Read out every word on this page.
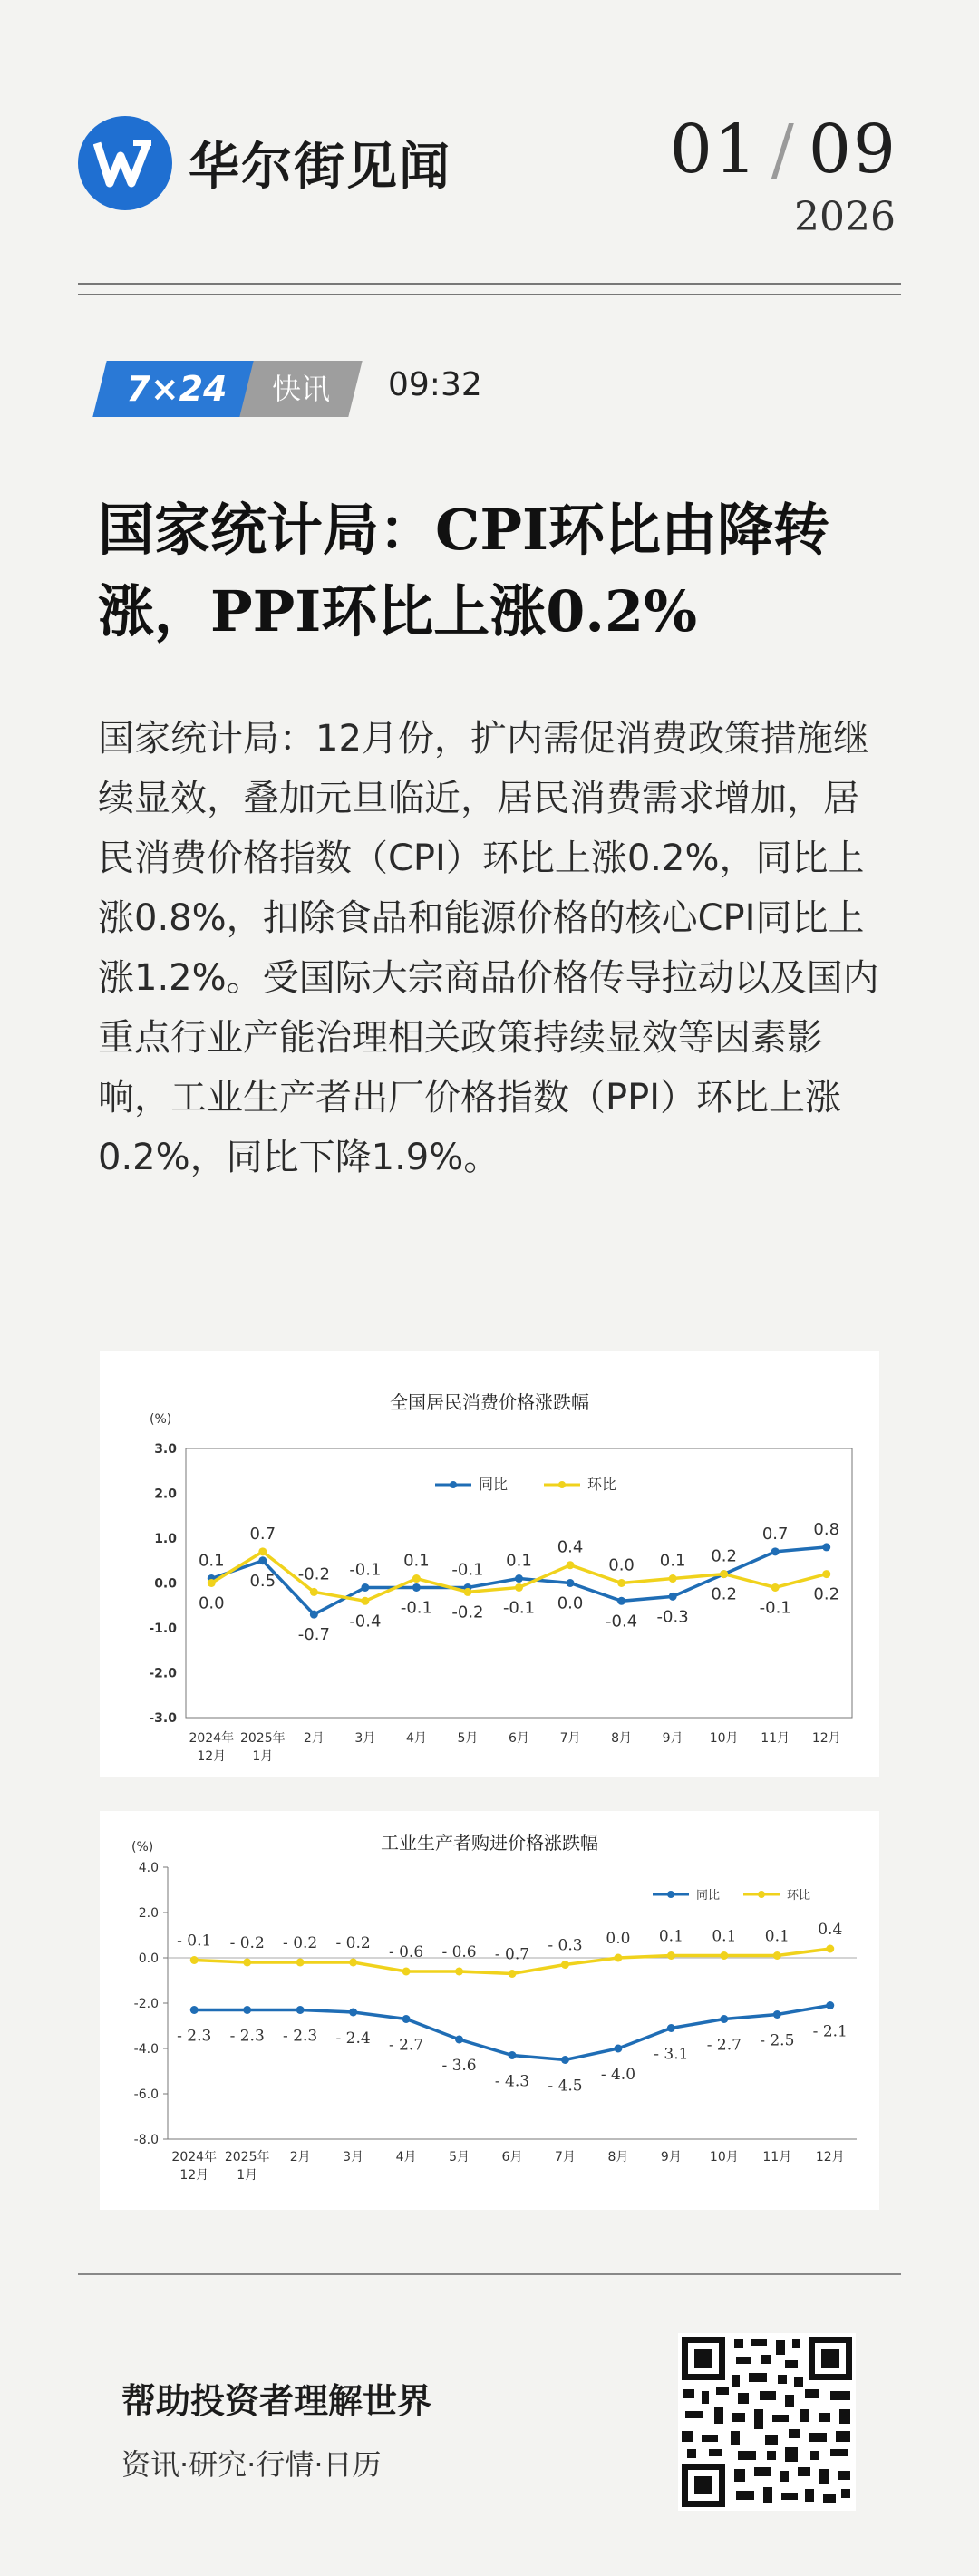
华尔街见闻	01 / 09
2026
7×24	快讯	09:32
国家统计局：CPI环比由降转涨，PPI环比上涨0.2%
国家统计局：12月份，扩内需促消费政策措施继续显效，叠加元旦临近，居民消费需求增加，居民消费价格指数（CPI）环比上涨0.2%，同比上涨0.8%，扣除食品和能源价格的核心CPI同比上涨1.2%。受国际大宗商品价格传导拉动以及国内重点行业产能治理相关政策持续显效等因素影响，工业生产者出厂价格指数（PPI）环比上涨0.2%，同比下降1.9%。
全国居民消费价格涨跌幅
(%)
3.0
2.0
1.0
0.0
-1.0
-2.0
-3.0
2024年
12月
2025年
1月
2月 3月 4月 5月 6月 7月 8月 9月 10月 11月 12月
同比	环比
0.1
0.0
0.5
0.7
-0.7
-0.2 -0.1
-0.4
-0.1
0.1 -0.1
-0.2
0.1
-0.1 0.0
0.4
-0.4
0.0
-0.3
0.1 0.2
0.2
0.7
-0.1
0.8
0.2
工业生产者购进价格涨跌幅
(%)
4.0
2.0
0.0
-2.0
-4.0
-6.0
-8.0
2024年
12月
2025年
1月
2月	3月	4月	5月	6月	7月	8月	9月 10月 11月 12月
同比	环比
- 2.3
- 0.1
- 2.3
- 0.2
- 2.3
- 0.2
- 2.4
- 0.2
- 2.7
- 0.6
- 3.6
- 0.6
- 4.3
- 0.7
- 4.5
- 0.3
- 4.0
0.0
- 3.1
0.1
- 2.7
0.1
- 2.5
0.1
- 2.1
0.4
帮助投资者理解世界
资讯·研究·行情·日历
